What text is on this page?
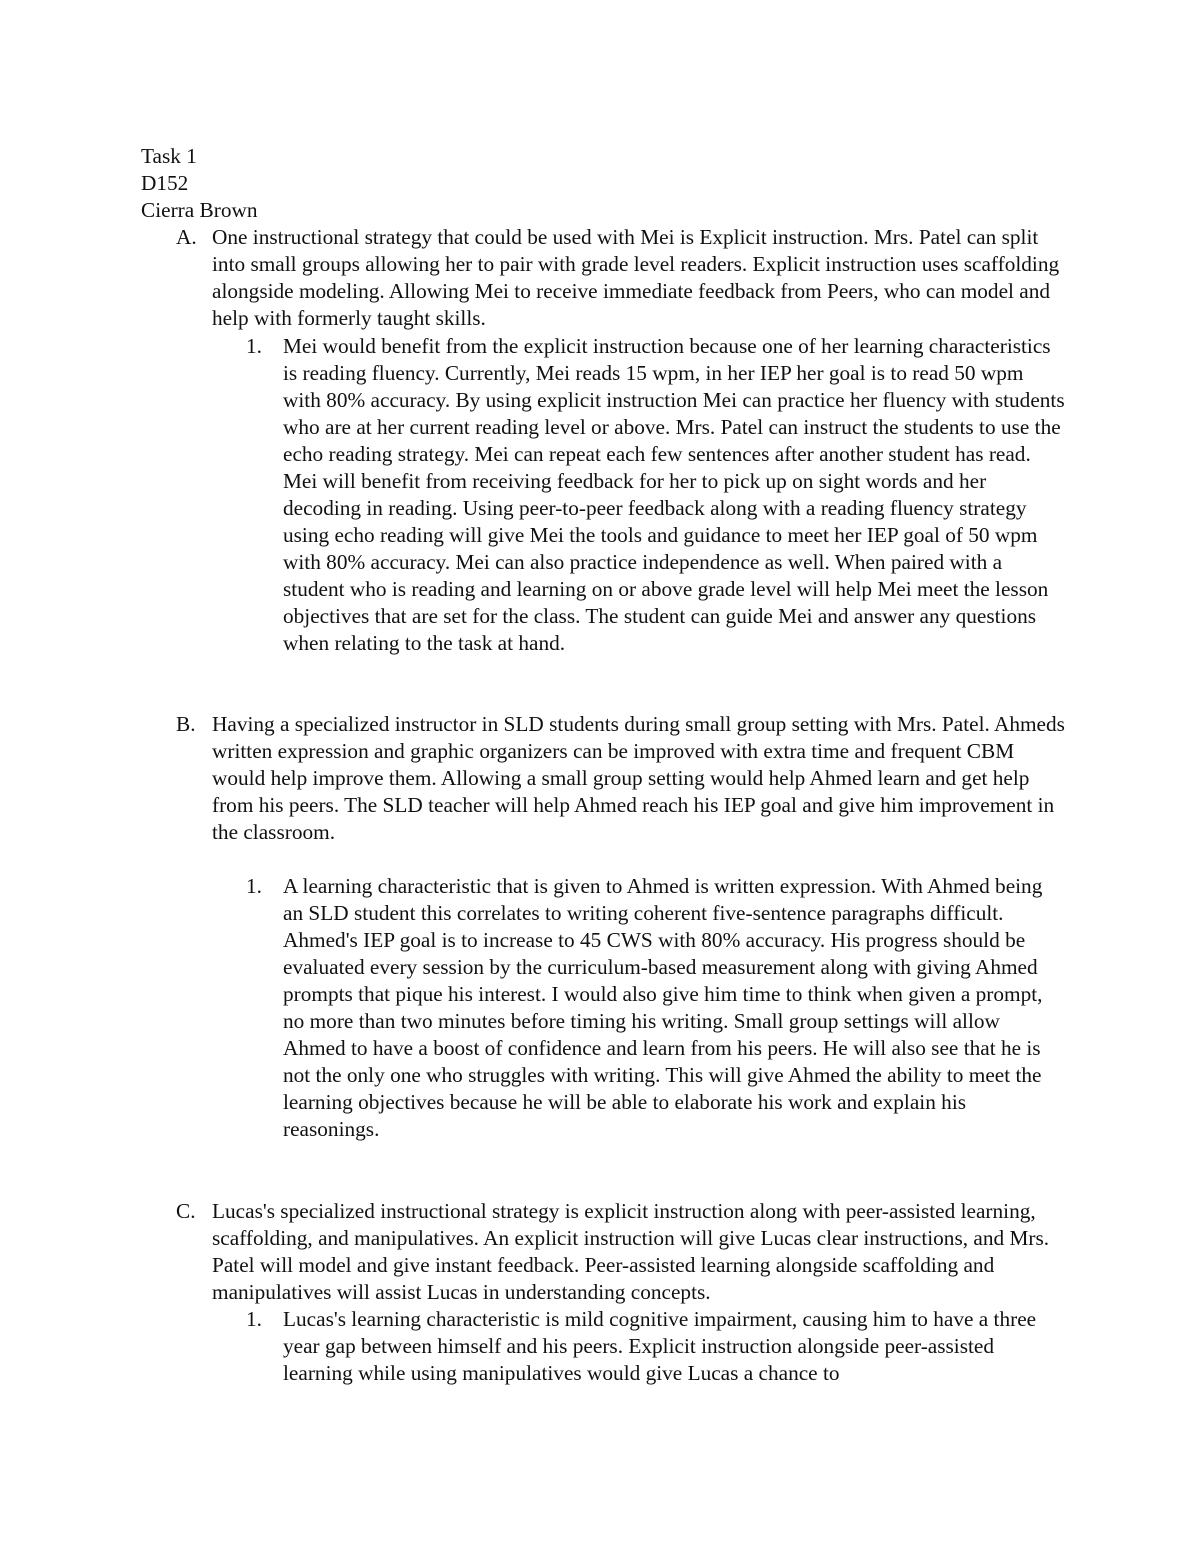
Task 1
D152
Cierra Brown
A. One instructional strategy that could be used with Mei is Explicit instruction. Mrs. Patel can split into small groups allowing her to pair with grade level readers. Explicit instruction uses scaffolding alongside modeling. Allowing Mei to receive immediate feedback from Peers, who can model and help with formerly taught skills.
1. Mei would benefit from the explicit instruction because one of her learning characteristics is reading fluency. Currently, Mei reads 15 wpm, in her IEP her goal is to read 50 wpm with 80% accuracy. By using explicit instruction Mei can practice her fluency with students who are at her current reading level or above. Mrs. Patel can instruct the students to use the echo reading strategy. Mei can repeat each few sentences after another student has read. Mei will benefit from receiving feedback for her to pick up on sight words and her decoding in reading. Using peer-to-peer feedback along with a reading fluency strategy using echo reading will give Mei the tools and guidance to meet her IEP goal of 50 wpm with 80% accuracy. Mei can also practice independence as well. When paired with a student who is reading and learning on or above grade level will help Mei meet the lesson objectives that are set for the class. The student can guide Mei and answer any questions when relating to the task at hand.
B. Having a specialized instructor in SLD students during small group setting with Mrs. Patel. Ahmeds written expression and graphic organizers can be improved with extra time and frequent CBM would help improve them. Allowing a small group setting would help Ahmed learn and get help from his peers. The SLD teacher will help Ahmed reach his IEP goal and give him improvement in the classroom.
1. A learning characteristic that is given to Ahmed is written expression. With Ahmed being an SLD student this correlates to writing coherent five-sentence paragraphs difficult. Ahmed's IEP goal is to increase to 45 CWS with 80% accuracy. His progress should be evaluated every session by the curriculum-based measurement along with giving Ahmed prompts that pique his interest. I would also give him time to think when given a prompt, no more than two minutes before timing his writing. Small group settings will allow Ahmed to have a boost of confidence and learn from his peers. He will also see that he is not the only one who struggles with writing. This will give Ahmed the ability to meet the learning objectives because he will be able to elaborate his work and explain his reasonings.
C. Lucas's specialized instructional strategy is explicit instruction along with peer-assisted learning, scaffolding, and manipulatives. An explicit instruction will give Lucas clear instructions, and Mrs. Patel will model and give instant feedback. Peer-assisted learning alongside scaffolding and manipulatives will assist Lucas in understanding concepts.
1. Lucas's learning characteristic is mild cognitive impairment, causing him to have a three year gap between himself and his peers. Explicit instruction alongside peer-assisted learning while using manipulatives would give Lucas a chance to
